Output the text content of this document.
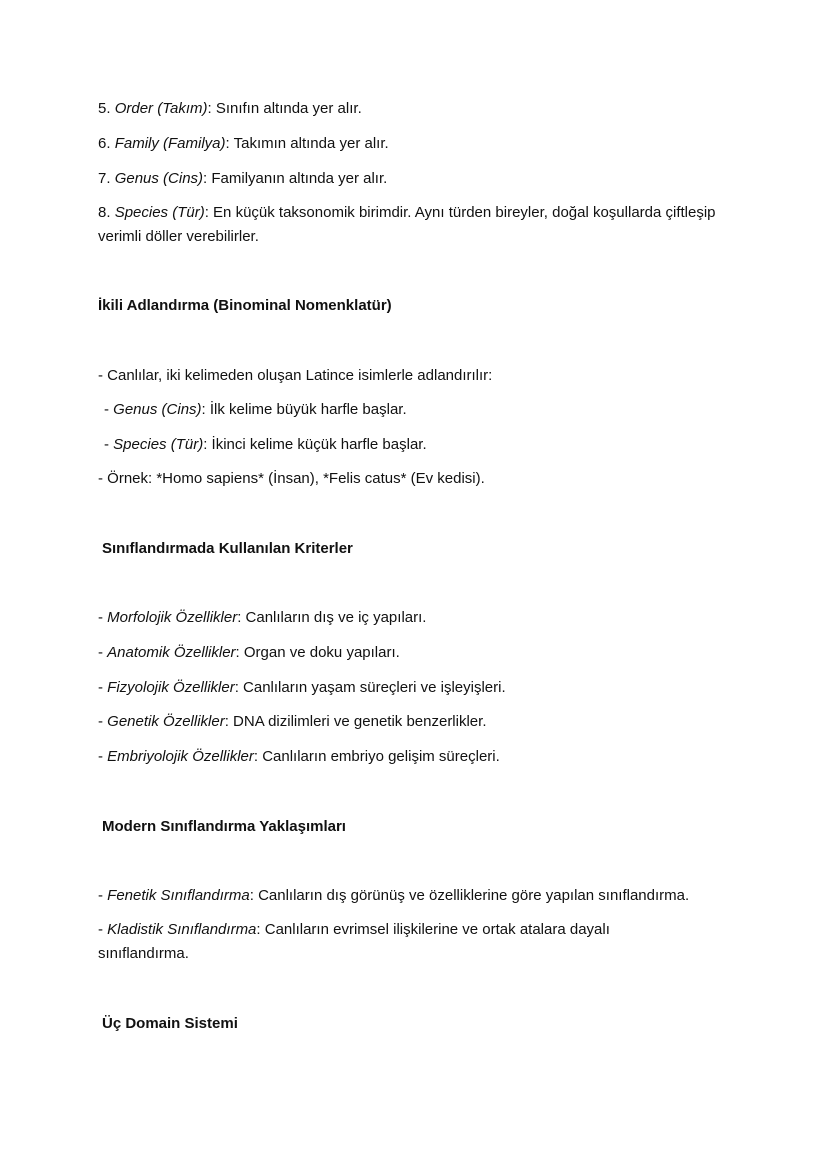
5. Order (Takım): Sınıfın altında yer alır.
6. Family (Familya): Takımın altında yer alır.
7. Genus (Cins): Familyanın altında yer alır.
8. Species (Tür): En küçük taksonomik birimdir. Aynı türden bireyler, doğal koşullarda çiftleşip verimli döller verebilirler.
İkili Adlandırma (Binominal Nomenklatür)
- Canlılar, iki kelimeden oluşan Latince isimlerle adlandırılır:
- Genus (Cins): İlk kelime büyük harfle başlar.
- Species (Tür): İkinci kelime küçük harfle başlar.
- Örnek: *Homo sapiens* (İnsan), *Felis catus* (Ev kedisi).
Sınıflandırmada Kullanılan Kriterler
- Morfolojik Özellikler: Canlıların dış ve iç yapıları.
- Anatomik Özellikler: Organ ve doku yapıları.
- Fizyolojik Özellikler: Canlıların yaşam süreçleri ve işleyişleri.
- Genetik Özellikler: DNA dizilimleri ve genetik benzerlikler.
- Embriyolojik Özellikler: Canlıların embriyo gelişim süreçleri.
Modern Sınıflandırma Yaklaşımları
- Fenetik Sınıflandırma: Canlıların dış görünüş ve özelliklerine göre yapılan sınıflandırma.
- Kladistik Sınıflandırma: Canlıların evrimsel ilişkilerine ve ortak atalara dayalı sınıflandırma.
Üç Domain Sistemi
